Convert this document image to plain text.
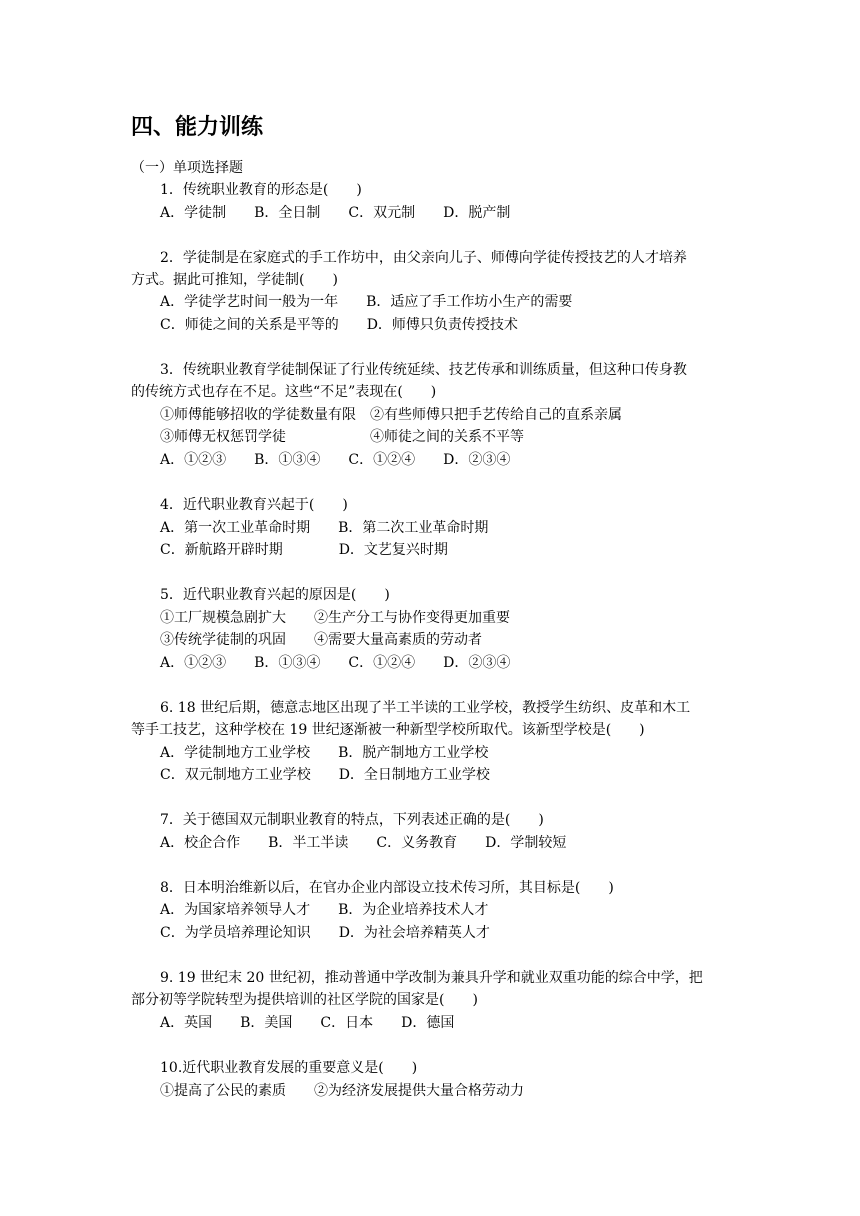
四、能力训练
（一）单项选择题
1．传统职业教育的形态是(　　)
A．学徒制　　B．全日制　　C．双元制　　D．脱产制
2．学徒制是在家庭式的手工作坊中，由父亲向儿子、师傅向学徒传授技艺的人才培养
方式。据此可推知，学徒制(　　)
A．学徒学艺时间一般为一年　　B．适应了手工作坊小生产的需要
C．师徒之间的关系是平等的　　D．师傅只负责传授技术
3．传统职业教育学徒制保证了行业传统延续、技艺传承和训练质量，但这种口传身教
的传统方式也存在不足。这些“不足”表现在(　　)
①师傅能够招收的学徒数量有限　②有些师傅只把手艺传给自己的直系亲属
③师傅无权惩罚学徒　　　　　　④师徒之间的关系不平等
A．①②③　　B．①③④　　C．①②④　　D．②③④
4．近代职业教育兴起于(　　)
A．第一次工业革命时期　　B．第二次工业革命时期
C．新航路开辟时期　　　　D．文艺复兴时期
5．近代职业教育兴起的原因是(　　)
①工厂规模急剧扩大　　②生产分工与协作变得更加重要
③传统学徒制的巩固　　④需要大量高素质的劳动者
A．①②③　　B．①③④　　C．①②④　　D．②③④
6. 18 世纪后期，德意志地区出现了半工半读的工业学校，教授学生纺织、皮革和木工
等手工技艺，这种学校在 19 世纪逐渐被一种新型学校所取代。该新型学校是(　　)
A．学徒制地方工业学校　　B．脱产制地方工业学校
C．双元制地方工业学校　　D．全日制地方工业学校
7．关于德国双元制职业教育的特点，下列表述正确的是(　　)
A．校企合作　　B．半工半读　　C．义务教育　　D．学制较短
8．日本明治维新以后，在官办企业内部设立技术传习所，其目标是(　　)
A．为国家培养领导人才　　B．为企业培养技术人才
C．为学员培养理论知识　　D．为社会培养精英人才
9. 19 世纪末 20 世纪初，推动普通中学改制为兼具升学和就业双重功能的综合中学，把
部分初等学院转型为提供培训的社区学院的国家是(　　)
A．英国　　B．美国　　C．日本　　D．德国
10.近代职业教育发展的重要意义是(　　)
①提高了公民的素质　　②为经济发展提供大量合格劳动力
